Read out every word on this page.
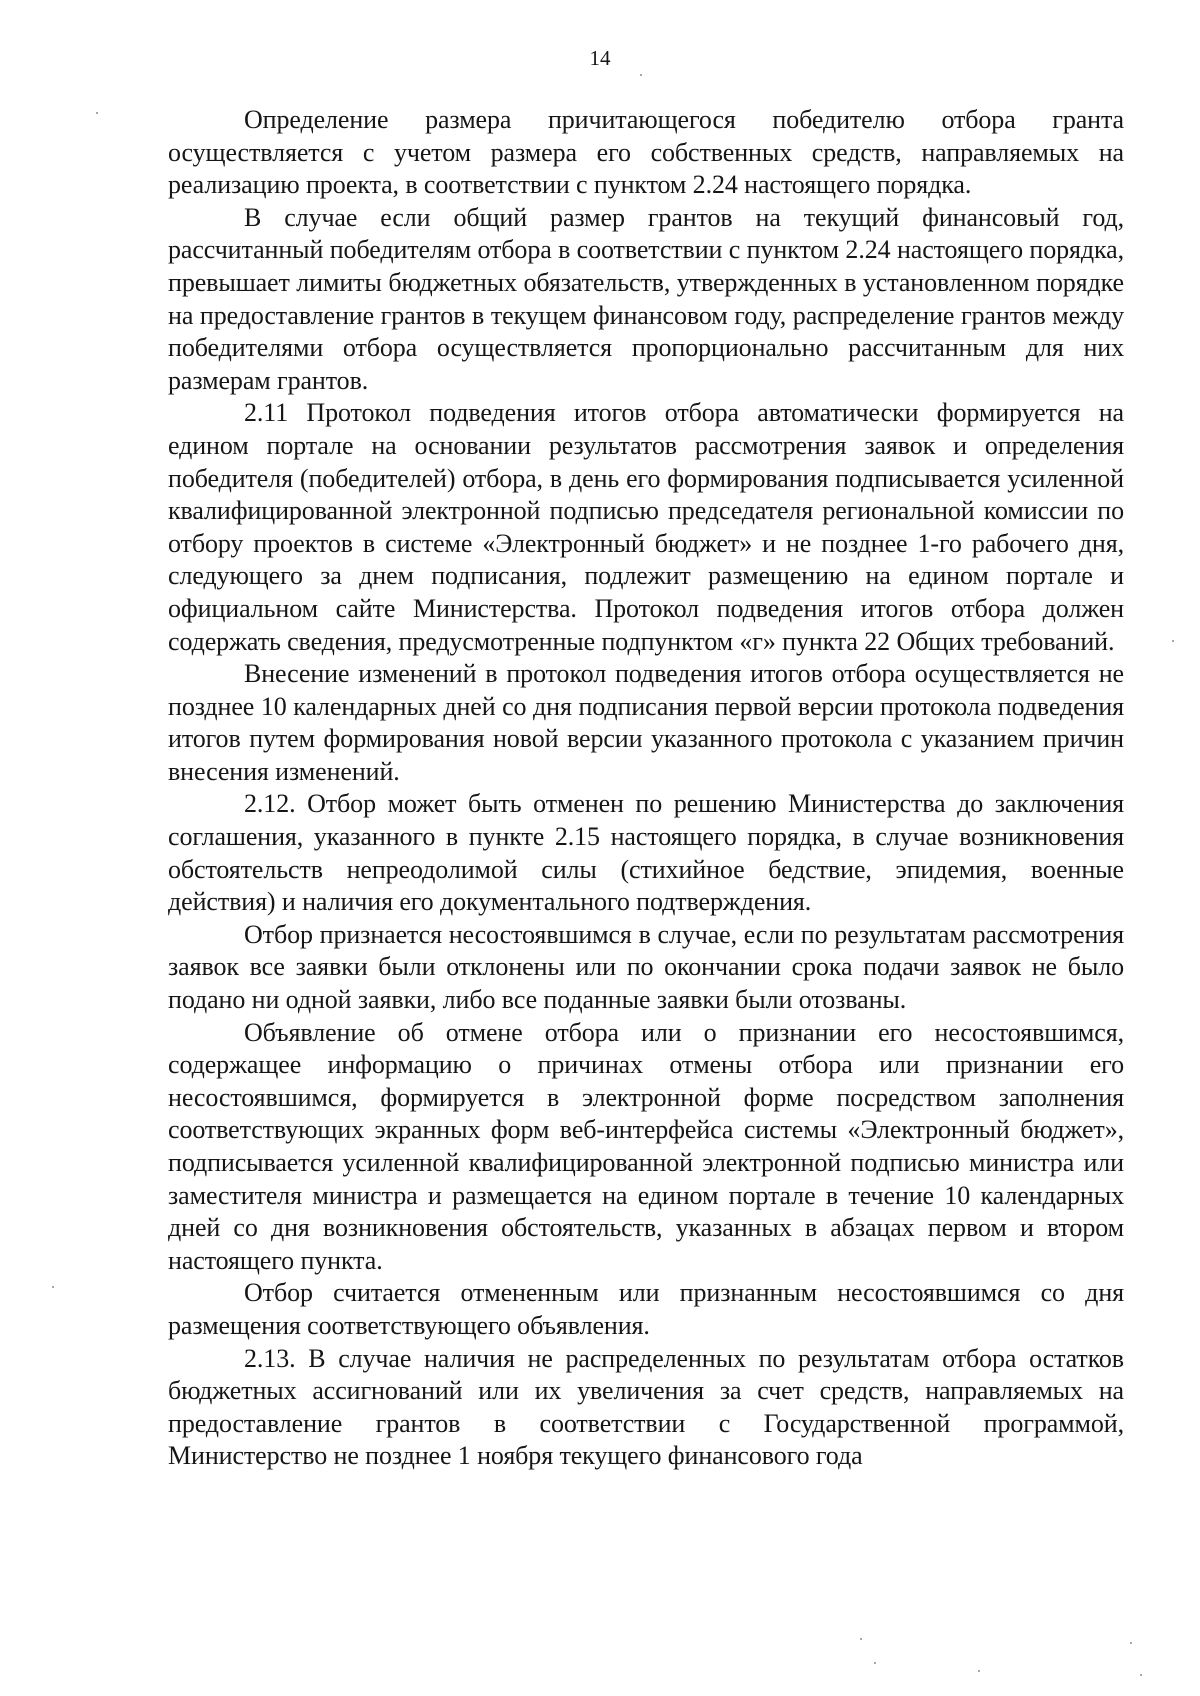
14

Определение размера причитающегося победителю отбора гранта осуществляется с учетом размера его собственных средств, направляемых на реализацию проекта, в соответствии с пунктом 2.24 настоящего порядка.

В случае если общий размер грантов на текущий финансовый год, рассчитанный победителям отбора в соответствии с пунктом 2.24 настоящего порядка, превышает лимиты бюджетных обязательств, утвержденных в установленном порядке на предоставление грантов в текущем финансовом году, распределение грантов между победителями отбора осуществляется пропорционально рассчитанным для них размерам грантов.

2.11 Протокол подведения итогов отбора автоматически формируется на едином портале на основании результатов рассмотрения заявок и определения победителя (победителей) отбора, в день его формирования подписывается усиленной квалифицированной электронной подписью председателя региональной комиссии по отбору проектов в системе «Электронный бюджет» и не позднее 1-го рабочего дня, следующего за днем подписания, подлежит размещению на едином портале и официальном сайте Министерства. Протокол подведения итогов отбора должен содержать сведения, предусмотренные подпунктом «г» пункта 22 Общих требований.

Внесение изменений в протокол подведения итогов отбора осуществляется не позднее 10 календарных дней со дня подписания первой версии протокола подведения итогов путем формирования новой версии указанного протокола с указанием причин внесения изменений.

2.12. Отбор может быть отменен по решению Министерства до заключения соглашения, указанного в пункте 2.15 настоящего порядка, в случае возникновения обстоятельств непреодолимой силы (стихийное бедствие, эпидемия, военные действия) и наличия его документального подтверждения.

Отбор признается несостоявшимся в случае, если по результатам рассмотрения заявок все заявки были отклонены или по окончании срока подачи заявок не было подано ни одной заявки, либо все поданные заявки были отозваны.

Объявление об отмене отбора или о признании его несостоявшимся, содержащее информацию о причинах отмены отбора или признании его несостоявшимся, формируется в электронной форме посредством заполнения соответствующих экранных форм веб-интерфейса системы «Электронный бюджет», подписывается усиленной квалифицированной электронной подписью министра или заместителя министра и размещается на едином портале в течение 10 календарных дней со дня возникновения обстоятельств, указанных в абзацах первом и втором настоящего пункта.

Отбор считается отмененным или признанным несостоявшимся со дня размещения соответствующего объявления.

2.13. В случае наличия не распределенных по результатам отбора остатков бюджетных ассигнований или их увеличения за счет средств, направляемых на предоставление грантов в соответствии с Государственной программой, Министерство не позднее 1 ноября текущего финансового года
